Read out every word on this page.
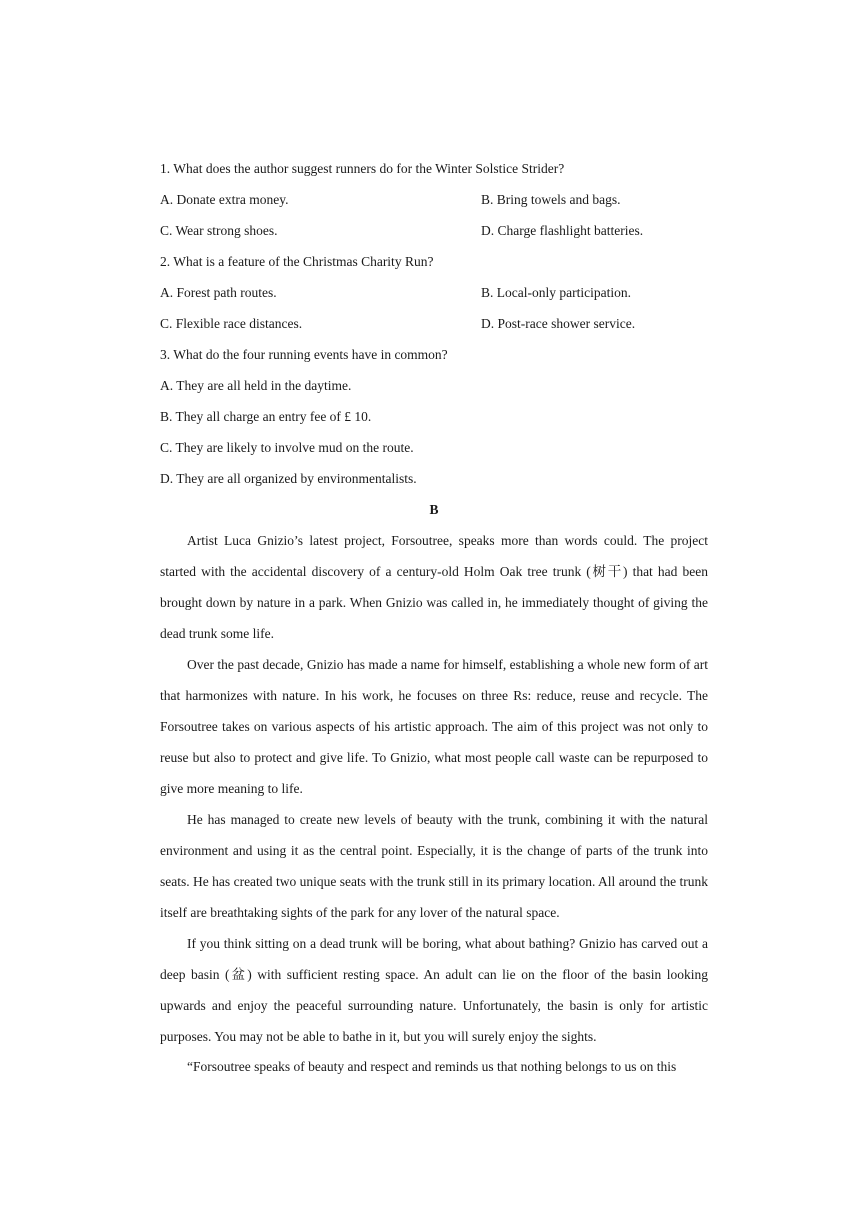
1. What does the author suggest runners do for the Winter Solstice Strider?
A. Donate extra money.	B. Bring towels and bags.
C. Wear strong shoes.	D. Charge flashlight batteries.
2. What is a feature of the Christmas Charity Run?
A. Forest path routes.	B. Local-only participation.
C. Flexible race distances.	D. Post-race shower service.
3. What do the four running events have in common?
A. They are all held in the daytime.
B. They all charge an entry fee of £ 10.
C. They are likely to involve mud on the route.
D. They are all organized by environmentalists.
B

Artist Luca Gnizio’s latest project, Forsoutree, speaks more than words could. The project started with the accidental discovery of a century-old Holm Oak tree trunk (树干) that had been brought down by nature in a park. When Gnizio was called in, he immediately thought of giving the dead trunk some life.

Over the past decade, Gnizio has made a name for himself, establishing a whole new form of art that harmonizes with nature. In his work, he focuses on three Rs: reduce, reuse and recycle. The Forsoutree takes on various aspects of his artistic approach. The aim of this project was not only to reuse but also to protect and give life. To Gnizio, what most people call waste can be repurposed to give more meaning to life.

He has managed to create new levels of beauty with the trunk, combining it with the natural environment and using it as the central point. Especially, it is the change of parts of the trunk into seats. He has created two unique seats with the trunk still in its primary location. All around the trunk itself are breathtaking sights of the park for any lover of the natural space.

If you think sitting on a dead trunk will be boring, what about bathing? Gnizio has carved out a deep basin (盆) with sufficient resting space. An adult can lie on the floor of the basin looking upwards and enjoy the peaceful surrounding nature. Unfortunately, the basin is only for artistic purposes. You may not be able to bathe in it, but you will surely enjoy the sights.

“Forsoutree speaks of beauty and respect and reminds us that nothing belongs to us on this
